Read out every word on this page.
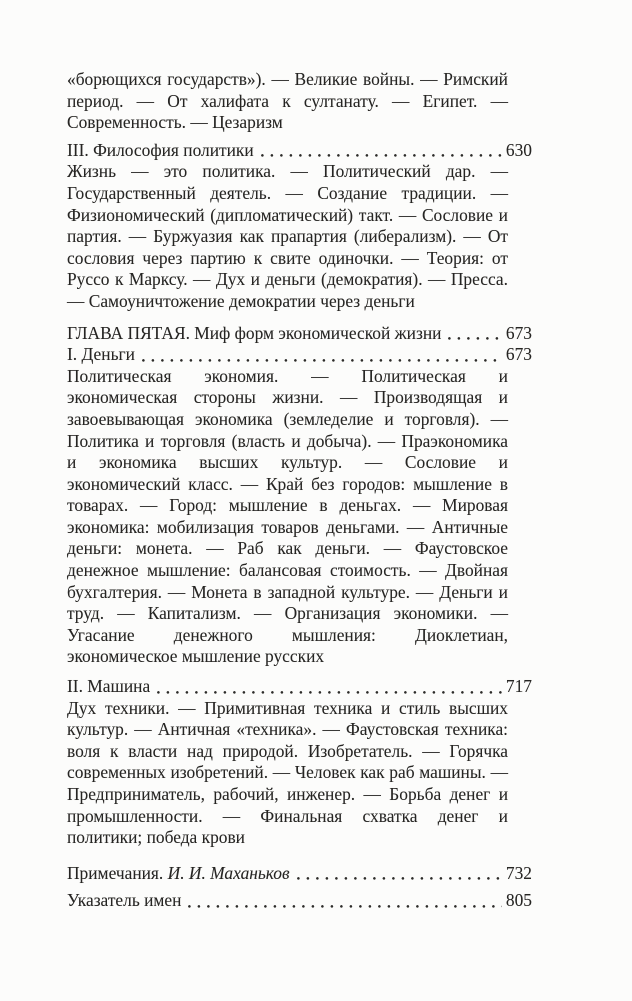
«борющихся государств»). — Великие войны. — Римский период. — От халифата к султанату. — Египет. — Современность. — Цезаризм

III. Философия политики	630

Жизнь — это политика. — Политический дар. — Государственный деятель. — Создание традиции. — Физиономический (дипломатический) такт. — Сословие и партия. — Буржуазия как прапартия (либерализм). — От сословия через партию к свите одиночки. — Теория: от Руссо к Марксу. — Дух и деньги (демократия). — Пресса. — Самоуничтожение демократии через деньги

ГЛАВА ПЯТАЯ. Миф форм экономической жизни	673
I. Деньги	673

Политическая экономия. — Политическая и экономическая стороны жизни. — Производящая и завоевывающая экономика (земледелие и торговля). — Политика и торговля (власть и добыча). — Праэкономика и экономика высших культур. — Сословие и экономический класс. — Край без городов: мышление в товарах. — Город: мышление в деньгах. — Мировая экономика: мобилизация товаров деньгами. — Античные деньги: монета. — Раб как деньги. — Фаустовское денежное мышление: балансовая стоимость. — Двойная бухгалтерия. — Монета в западной культуре. — Деньги и труд. — Капитализм. — Организация экономики. — Угасание денежного мышления: Диоклетиан, экономическое мышление русских

II. Машина	717

Дух техники. — Примитивная техника и стиль высших культур. — Античная «техника». — Фаустовская техника: воля к власти над природой. Изобретатель. — Горячка современных изобретений. — Человек как раб машины. — Предприниматель, рабочий, инженер. — Борьба денег и промышленности. — Финальная схватка денег и политики; победа крови

Примечания. И. И. Маханьков	732
Указатель имен	805
